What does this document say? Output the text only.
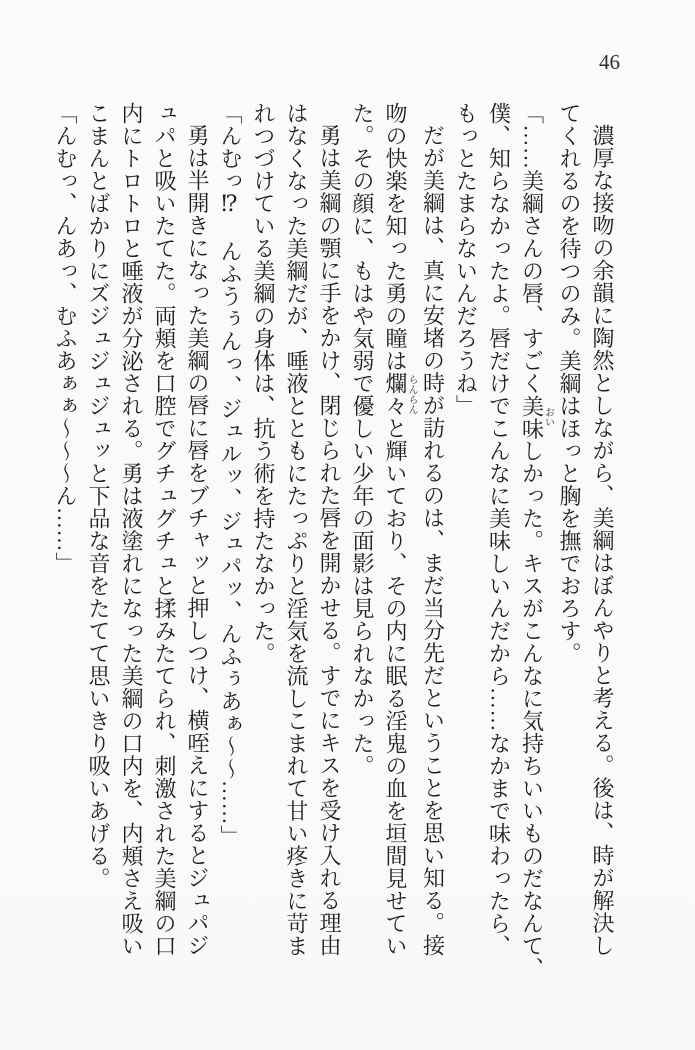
46
濃厚な接吻の余韻に陶然としながら、美綱はぼんやりと考える。後は、時が解決し
てくれるのを待つのみ。美綱はほっと胸を撫でおろす。
「……美綱さんの唇、すごく美味おいしかった。キスがこんなに気持ちいいものだなんて、
僕、知らなかったよ。唇だけでこんなに美味しいんだから……なかまで味わったら、
もっとたまらないんだろうね」
だが美綱は、真に安堵の時が訪れるのは、まだ当分先だということを思い知る。接
吻の快楽を知った勇の瞳は爛々らんらんと輝いており、その内に眠る淫鬼の血を垣間見せてい
た。その顔に、もはや気弱で優しい少年の面影は見られなかった。
勇は美綱の顎に手をかけ、閉じられた唇を開かせる。すでにキスを受け入れる理由
はなくなった美綱だが、唾液とともにたっぷりと淫気を流しこまれて甘い疼きに苛ま
れつづけている美綱の身体は、抗う術を持たなかった。
「んむっ⁉　んふうぅんっ、ジュルッ、ジュパッ、んふぅあぁ〜〜……」
勇は半開きになった美綱の唇に唇をブチャッと押しつけ、横咥えにするとジュパジ
ュパと吸いたてた。両頬を口腔でグチュグチュと揉みたてられ、刺激された美綱の口
内にトロトロと唾液が分泌される。勇は液塗れになった美綱の口内を、内頬さえ吸い
こまんとばかりにズジュジュジュッと下品な音をたてて思いきり吸いあげる。
「んむっ、んあっ、むふあぁぁ〜〜〜ん……」
